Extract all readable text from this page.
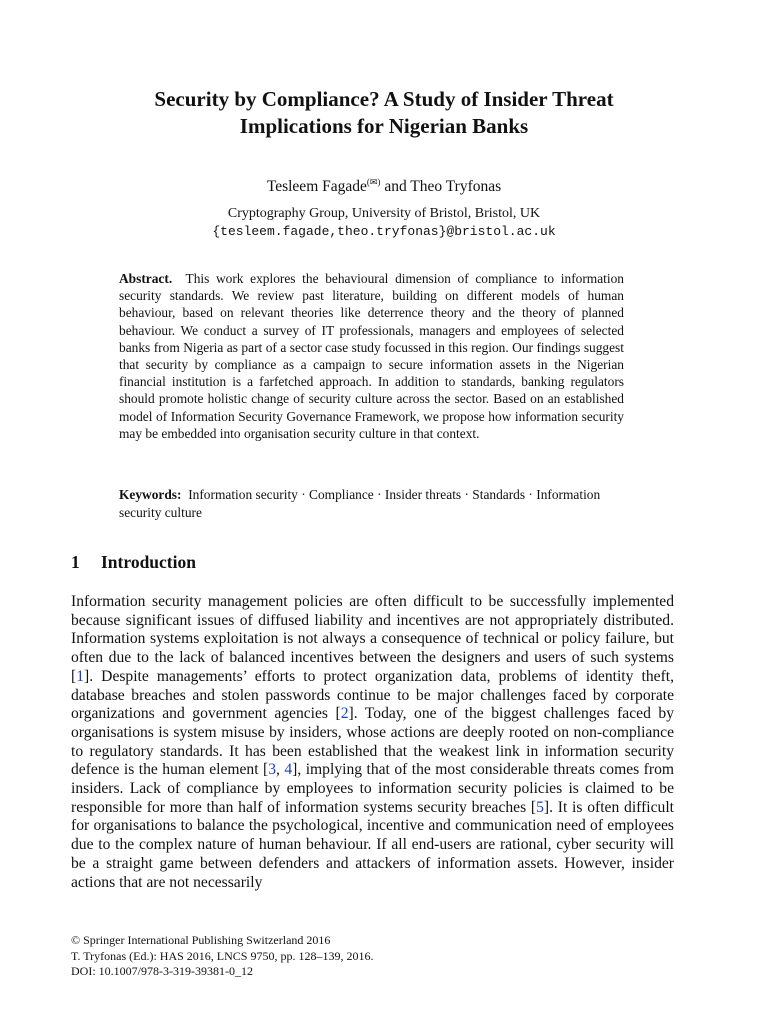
Security by Compliance? A Study of Insider Threat
Implications for Nigerian Banks
Tesleem Fagade(✉) and Theo Tryfonas
Cryptography Group, University of Bristol, Bristol, UK
{tesleem.fagade,theo.tryfonas}@bristol.ac.uk
Abstract. This work explores the behavioural dimension of compliance to information security standards. We review past literature, building on different models of human behaviour, based on relevant theories like deterrence theory and the theory of planned behaviour. We conduct a survey of IT professionals, managers and employees of selected banks from Nigeria as part of a sector case study focussed in this region. Our findings suggest that security by compliance as a campaign to secure information assets in the Nigerian financial institution is a farfetched approach. In addition to standards, banking regulators should promote holistic change of security culture across the sector. Based on an established model of Information Security Governance Framework, we propose how information security may be embedded into organisation security culture in that context.
Keywords: Information security · Compliance · Insider threats · Standards · Information security culture
1 Introduction
Information security management policies are often difficult to be successfully implemented because significant issues of diffused liability and incentives are not appropriately distributed. Information systems exploitation is not always a consequence of technical or policy failure, but often due to the lack of balanced incentives between the designers and users of such systems [1]. Despite managements’ efforts to protect organization data, problems of identity theft, database breaches and stolen passwords continue to be major challenges faced by corporate organizations and government agencies [2]. Today, one of the biggest challenges faced by organisations is system misuse by insiders, whose actions are deeply rooted on non-compliance to regulatory standards. It has been established that the weakest link in information security defence is the human element [3, 4], implying that of the most considerable threats comes from insiders. Lack of compliance by employees to information security policies is claimed to be responsible for more than half of information systems security breaches [5]. It is often difficult for organisations to balance the psychological, incentive and communication need of employees due to the complex nature of human behaviour. If all end-users are rational, cyber security will be a straight game between defenders and attackers of information assets. However, insider actions that are not necessarily
© Springer International Publishing Switzerland 2016
T. Tryfonas (Ed.): HAS 2016, LNCS 9750, pp. 128–139, 2016.
DOI: 10.1007/978-3-319-39381-0_12
